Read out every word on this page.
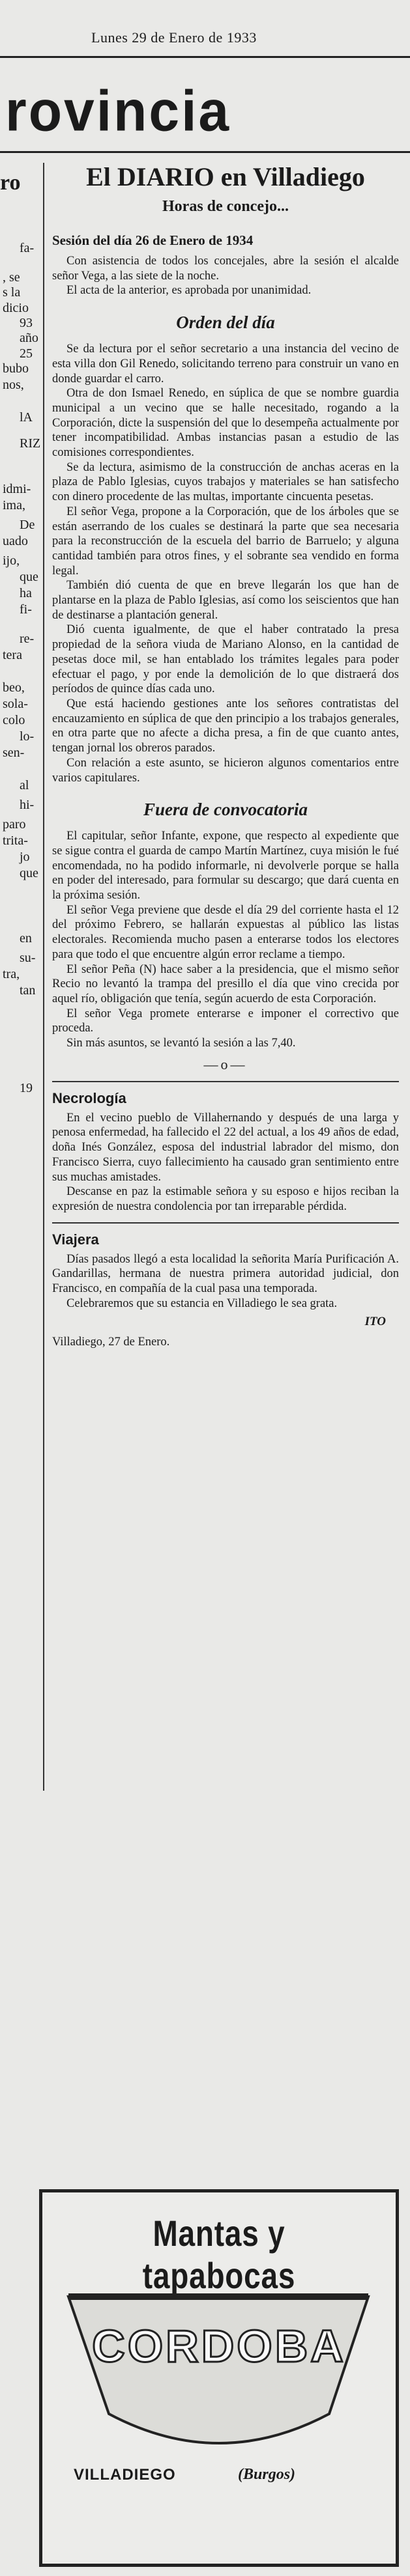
Lunes 29 de Enero de 1933
rovincia
ro
fa-
, se
s la
dicio
93
año
25
bubo
nos,
lA
RIZ
idmi-
ima,
De
uado
ijo,
que
ha
fi-
re-
tera
beo,
sola-
colo
lo-
sen-
al
hi-
paro
trita-
jo
que
en
su-
tra,
tan
19
El DIARIO en Villadiego
Horas de concejo...
Sesión del día 26 de Enero de 1934

Con asistencia de todos los concejales, abre la sesión el alcalde señor Vega, a las siete de la noche.

El acta de la anterior, es aprobada por unanimidad.

Orden del día

Se da lectura por el señor secretario a una instancia del vecino de esta villa don Gil Renedo, solicitando terreno para construir un vano en donde guardar el carro.

Otra de don Ismael Renedo, en súplica de que se nombre guardia municipal a un vecino que se halle necesitado, rogando a la Corporación, dicte la suspensión del que lo desempeña actualmente por tener incompatibilidad. Ambas instancias pasan a estudio de las comisiones correspondientes.

Se da lectura, asimismo de la construcción de anchas aceras en la plaza de Pablo Iglesias, cuyos trabajos y materiales se han satisfecho con dinero procedente de las multas, importante cincuenta pesetas.

El señor Vega, propone a la Corporación, que de los árboles que se están aserrando de los cuales se destinará la parte que sea necesaria para la reconstrucción de la escuela del barrio de Barruelo; y alguna cantidad también para otros fines, y el sobrante sea vendido en forma legal.

También dió cuenta de que en breve llegarán los que han de plantarse en la plaza de Pablo Iglesias, así como los seiscientos que han de destinarse a plantación general.

Dió cuenta igualmente, de que el haber contratado la presa propiedad de la señora viuda de Mariano Alonso, en la cantidad de pesetas doce mil, se han entablado los trámites legales para poder efectuar el pago, y por ende la demolición de lo que distraerá dos períodos de quince días cada uno.

Que está haciendo gestiones ante los señores contratistas del encauzamiento en súplica de que den principio a los trabajos generales, en otra parte que no afecte a dicha presa, a fin de que cuanto antes, tengan jornal los obreros parados.

Con relación a este asunto, se hicieron algunos comentarios entre varios capitulares.

Fuera de convocatoria

El capitular, señor Infante, expone, que respecto al expediente que se sigue contra el guarda de campo Martín Martínez, cuya misión le fué encomendada, no ha podido informarle, ni devolverle porque se halla en poder del interesado, para formular su descargo; que dará cuenta en la próxima sesión.

El señor Vega previene que desde el día 29 del corriente hasta el 12 del próximo Febrero, se hallarán expuestas al público las listas electorales. Recomienda mucho pasen a enterarse todos los electores para que todo el que encuentre algún error reclame a tiempo.

El señor Peña (N) hace saber a la presidencia, que el mismo señor Recio no levantó la trampa del presillo el día que vino crecida por aquel río, obligación que tenía, según acuerdo de esta Corporación.

El señor Vega promete enterarse e imponer el correctivo que proceda.

Sin más asuntos, se levantó la sesión a las 7,40.

—o—
Necrología

En el vecino pueblo de Villahernando y después de una larga y penosa enfermedad, ha fallecido el 22 del actual, a los 49 años de edad, doña Inés González, esposa del industrial labrador del mismo, don Francisco Sierra, cuyo fallecimiento ha causado gran sentimiento entre sus muchas amistades.

Descanse en paz la estimable señora y su esposo e hijos reciban la expresión de nuestra condolencia por tan irreparable pérdida.

Viajera

Días pasados llegó a esta localidad la señorita María Purificación A. Gandarillas, hermana de nuestra primera autoridad judicial, don Francisco, en compañía de la cual pasa una temporada.

Celebraremos que su estancia en Villadiego le sea grata.

ITO
Villadiego, 27 de Enero.
Mantas y tapabocas
CORDOBA
VILLADIEGO	(Burgos)
